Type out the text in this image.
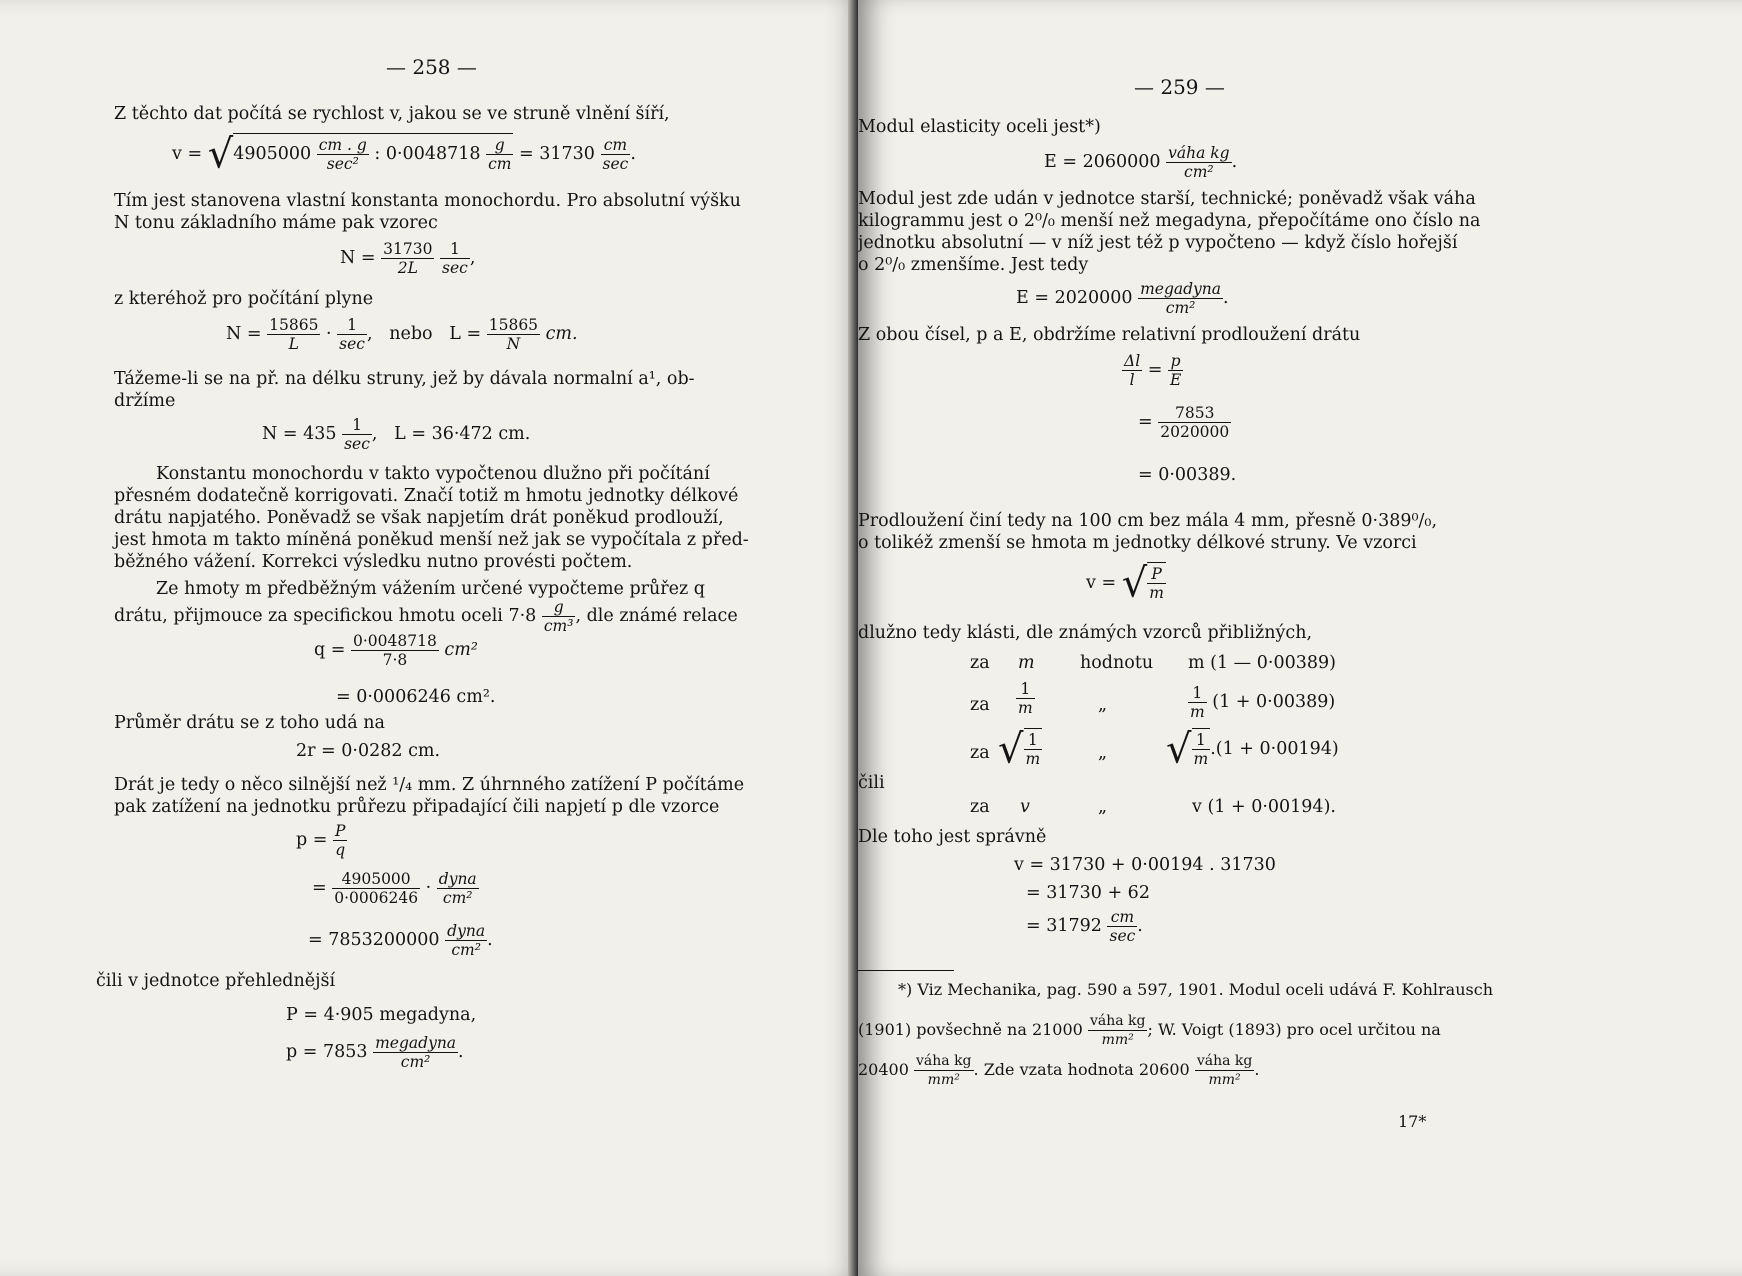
— 258 —
Z těchto dat počítá se rychlost v, jakou se ve struně vlnění šíří,
$v = √4905000 \frac{cm . g}{\text{sec²}}$ : $0\cdot 0048718 \frac{g}{cm} = 31730 \frac{cm}{\sec}$ .
Tím jest stanovena vlastní konstanta monochordu. Pro absolutní výšku
N tonu základního máme pak vzorec
$N = \frac{31730}{2L}$
$\frac{1}{\sec}$ ,
z kteréhož pro počítání plyne
$N = \frac{15865}{L} \cdot \frac{1}{\sec}$ ,   nebo $L = \frac{15865}{N}$ cm.
Tážeme-li se na př. na délku struny, jež by dávala normalní a¹, ob-
držíme
$N = 435 \frac{1}{\sec}$ ,   L = 36·472 cm.
Konstantu monochordu v takto vypočtenou dlužno při počítání
přesném dodatečně korrigovati. Značí totiž m hmotu jednotky délkové
drátu napjatého. Poněvadž se však napjetím drát poněkud prodlouží,
jest hmota m takto míněná poněkud menší než jak se vypočítala z před-
běžného vážení. Korrekci výsledku nutno provésti počtem.
Ze hmoty m předběžným vážením určené vypočteme průřez q
drátu, přijmouce za specifickou hmotu oceli $7\cdot 8 \frac{g}{\text{cm³}}$ , dle známé relace
$q = \frac{0\cdot 0048718}{7\cdot 8} cm^2$
= 0·0006246 cm².
Průměr drátu se z toho udá na
2r = 0·0282 cm.
Drát je tedy o něco silnější než ¹/₄ mm. Z úhrnného zatížení P počítáme
pak zatížení na jednotku průřezu připadající čili napjetí p dle vzorce
$p = \frac{P}{q}$
= $\frac{4905000}{0\cdot 0006246} \cdot \frac{\text{dyna}}{\text{cm²}}$
= $7853200000 \frac{\text{dyna}}{\text{cm²}}$ .
čili v jednotce přehlednější
P = 4·905 megadyna,
$p = 7853 \frac{\text{megadyna}}{\text{cm²}}$ .
— 259 —
Modul elasticity oceli jest*)
$E = 2060000 \frac{\text{váha kg}}{\text{cm²}}$ .
Modul jest zde udán v jednotce starší, technické; poněvadž však váha
kilogrammu jest o 2⁰/₀ menší než megadyna, přepočítáme ono číslo na
jednotku absolutní — v níž jest též p vypočteno — když číslo hořejší
o 2⁰/₀ zmenšíme. Jest tedy
$E = 2020000 \frac{\text{megadyna}}{\text{cm²}}$ .
Z obou čísel, p a E, obdržíme relativní prodloužení drátu
$\frac{\Delta l}{l} = \frac{p}{E}$
= $\frac{7853}{2020000}$
= 0·00389.
Prodloužení činí tedy na 100 cm bez mála 4 mm, přesně 0·389⁰/₀,
o tolikéž zmenší se hmota m jednotky délkové struny. Ve vzorci
v = √ $\frac{P}{m}$
dlužno tedy klásti, dle známých vzorců přibližných,
za m	hodnotu m (1 — 0·00389)
za $\frac{1}{m}$	„	$\frac{1}{m} (1 + 0\cdot 00389)$
za √ $\frac{1}{m}$	„ √ $\frac{1}{m} .(1 + 0\cdot 00194)$
čili
za v	„	v (1 + 0·00194).
Dle toho jest správně
v = 31730 + 0·00194 . 31730
= 31730 + 62
= $31792 \frac{cm}{\sec}$ .
*) Viz Mechanika, pag. 590 a 597, 1901. Modul oceli udává F. Kohlrausch
(1901) povšechně na $21000 \frac{\text{váha kg}}{\text{mm²}}$ ; W. Voigt (1893) pro ocel určitou na
$20400 \frac{\text{váha kg}}{\text{mm²}}$ . Zde vzata hodnota $20600 \frac{\text{váha kg}}{\text{mm²}}$ .
17*
